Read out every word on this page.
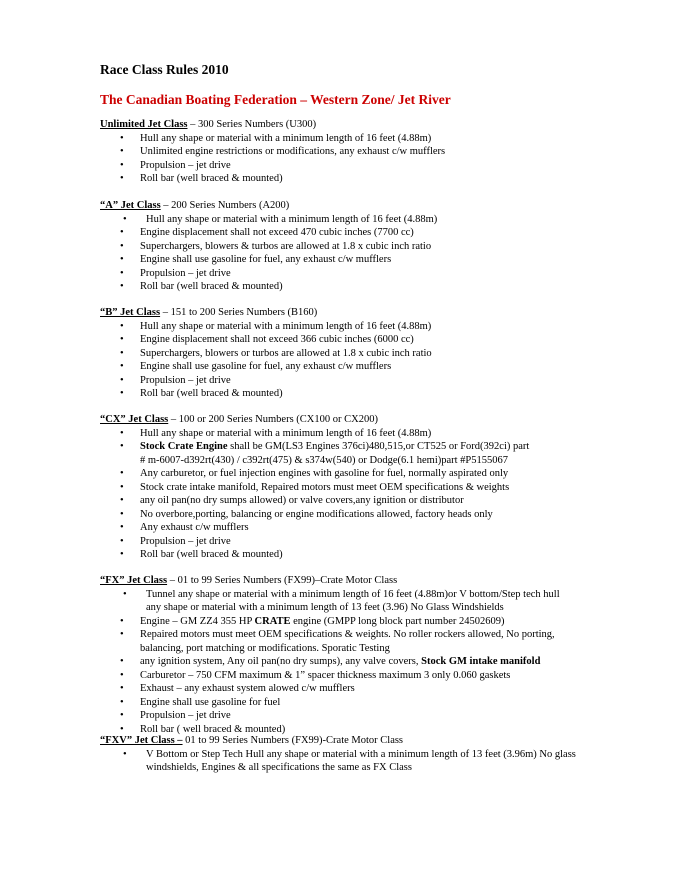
Race Class Rules 2010
The Canadian Boating Federation – Western Zone/ Jet River
Unlimited Jet Class – 300 Series Numbers (U300)
• Hull any shape or material with a minimum length of 16 feet (4.88m)
• Unlimited engine restrictions or modifications, any exhaust c/w mufflers
• Propulsion – jet drive
• Roll bar (well braced & mounted)
“A” Jet Class – 200 Series Numbers (A200)
• Hull any shape or material with a minimum length of 16 feet (4.88m)
• Engine displacement shall not exceed 470 cubic inches (7700 cc)
• Superchargers, blowers & turbos are allowed at 1.8 x cubic inch ratio
• Engine shall use gasoline for fuel, any exhaust c/w mufflers
• Propulsion – jet drive
• Roll bar (well braced & mounted)
“B” Jet Class – 151 to 200 Series Numbers (B160)
• Hull any shape or material with a minimum length of 16 feet (4.88m)
• Engine displacement shall not exceed 366 cubic inches (6000 cc)
• Superchargers, blowers or turbos are allowed at 1.8 x cubic inch ratio
• Engine shall use gasoline for fuel, any exhaust c/w mufflers
• Propulsion – jet drive
• Roll bar (well braced & mounted)
“CX” Jet Class – 100 or 200 Series Numbers (CX100 or CX200)
• Hull any shape or material with a minimum length of 16 feet (4.88m)
• Stock Crate Engine shall be GM(LS3 Engines 376ci)480,515,or CT525 or Ford(392ci) part # m-6007-d392rt(430) / c392rt(475) & s374w(540) or Dodge(6.1 hemi)part #P5155067
• Any carburetor, or fuel injection engines with gasoline for fuel, normally aspirated only
• Stock crate intake manifold, Repaired motors must meet OEM specifications & weights
• any oil pan(no dry sumps allowed) or valve covers,any ignition or distributor
• No overbore,porting, balancing or engine modifications allowed, factory heads only
• Any exhaust c/w mufflers
• Propulsion – jet drive
• Roll bar (well braced & mounted)
“FX” Jet Class – 01 to 99 Series Numbers (FX99)–Crate Motor Class
• Tunnel any shape or material with a minimum length of 16 feet (4.88m)or V bottom/Step tech hull any shape or material with a minimum length of 13 feet (3.96) No Glass Windshields
• Engine – GM ZZ4 355 HP CRATE engine (GMPP long block part number 24502609)
• Repaired motors must meet OEM specifications & weights. No roller rockers allowed, No porting, balancing, port matching or modifications. Sporatic Testing
• any ignition system, Any oil pan(no dry sumps), any valve covers, Stock GM intake manifold
• Carburetor – 750 CFM maximum & 1” spacer thickness maximum 3 only 0.060 gaskets
• Exhaust – any exhaust system alowed c/w mufflers
• Engine shall use gasoline for fuel
• Propulsion – jet drive
• Roll bar ( well braced & mounted)
“FXV” Jet Class – 01 to 99 Series Numbers (FX99)-Crate Motor Class
• V Bottom or Step Tech Hull any shape or material with a minimum length of 13 feet (3.96m) No glass windshields, Engines & all specifications the same as FX Class
